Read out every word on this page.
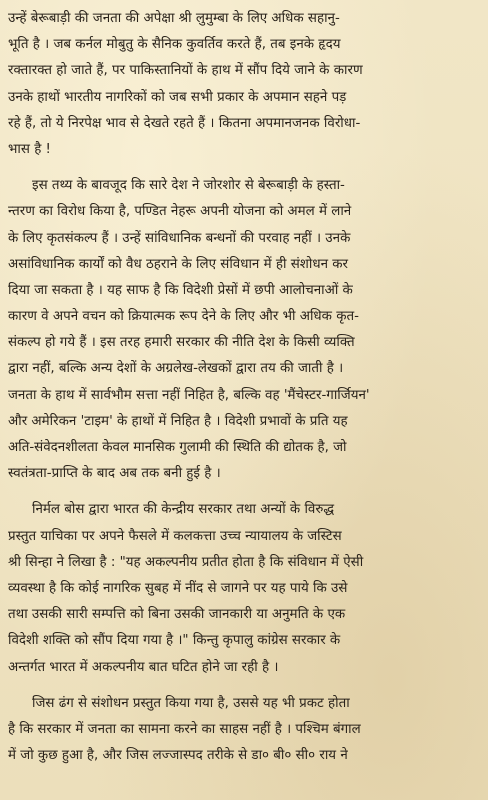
उन्हें बेरूबाड़ी की जनता की अपेक्षा श्री लुमुम्बा के लिए अधिक सहानु-
भूति है । जब कर्नल मोबुतु के सैनिक कुवर्तिव करते हैं, तब इनके हृदय
रक्तारक्त हो जाते हैं, पर पाकिस्तानियों के हाथ में सौंप दिये जाने के कारण
उनके हाथों भारतीय नागरिकों को जब सभी प्रकार के अपमान सहने पड़
रहे हैं, तो ये निरपेक्ष भाव से देखते रहते हैं । कितना अपमानजनक विरोधा-
भास है !
इस तथ्य के बावजूद कि सारे देश ने जोरशोर से बेरूबाड़ी के हस्ता-
न्तरण का विरोध किया है, पण्डित नेहरू अपनी योजना को अमल में लाने
के लिए कृतसंकल्प हैं । उन्हें सांविधानिक बन्धनों की परवाह नहीं । उनके
असांविधानिक कार्यों को वैध ठहराने के लिए संविधान में ही संशोधन कर
दिया जा सकता है । यह साफ है कि विदेशी प्रेसों में छपी आलोचनाओं के
कारण वे अपने वचन को क्रियात्मक रूप देने के लिए और भी अधिक कृत-
संकल्प हो गये हैं । इस तरह हमारी सरकार की नीति देश के किसी व्यक्ति
द्वारा नहीं, बल्कि अन्य देशों के अग्रलेख-लेखकों द्वारा तय की जाती है ।
जनता के हाथ में सार्वभौम सत्ता नहीं निहित है, बल्कि वह 'मैंचेस्टर-गार्जियन'
और अमेरिकन 'टाइम' के हाथों में निहित है । विदेशी प्रभावों के प्रति यह
अति-संवेदनशीलता केवल मानसिक गुलामी की स्थिति की द्योतक है, जो
स्वतंत्रता-प्राप्ति के बाद अब तक बनी हुई है ।
निर्मल बोस द्वारा भारत की केन्द्रीय सरकार तथा अन्यों के विरुद्ध
प्रस्तुत याचिका पर अपने फैसले में कलकत्ता उच्च न्यायालय के जस्टिस
श्री सिन्हा ने लिखा है : "यह अकल्पनीय प्रतीत होता है कि संविधान में ऐसी
व्यवस्था है कि कोई नागरिक सुबह में नींद से जागने पर यह पाये कि उसे
तथा उसकी सारी सम्पत्ति को बिना उसकी जानकारी या अनुमति के एक
विदेशी शक्ति को सौंप दिया गया है ।" किन्तु कृपालु कांग्रेस सरकार के
अन्तर्गत भारत में अकल्पनीय बात घटित होने जा रही है ।
जिस ढंग से संशोधन प्रस्तुत किया गया है, उससे यह भी प्रकट होता
है कि सरकार में जनता का सामना करने का साहस नहीं है । पश्चिम बंगाल
में जो कुछ हुआ है, और जिस लज्जास्पद तरीके से डा० बी० सी० राय ने
